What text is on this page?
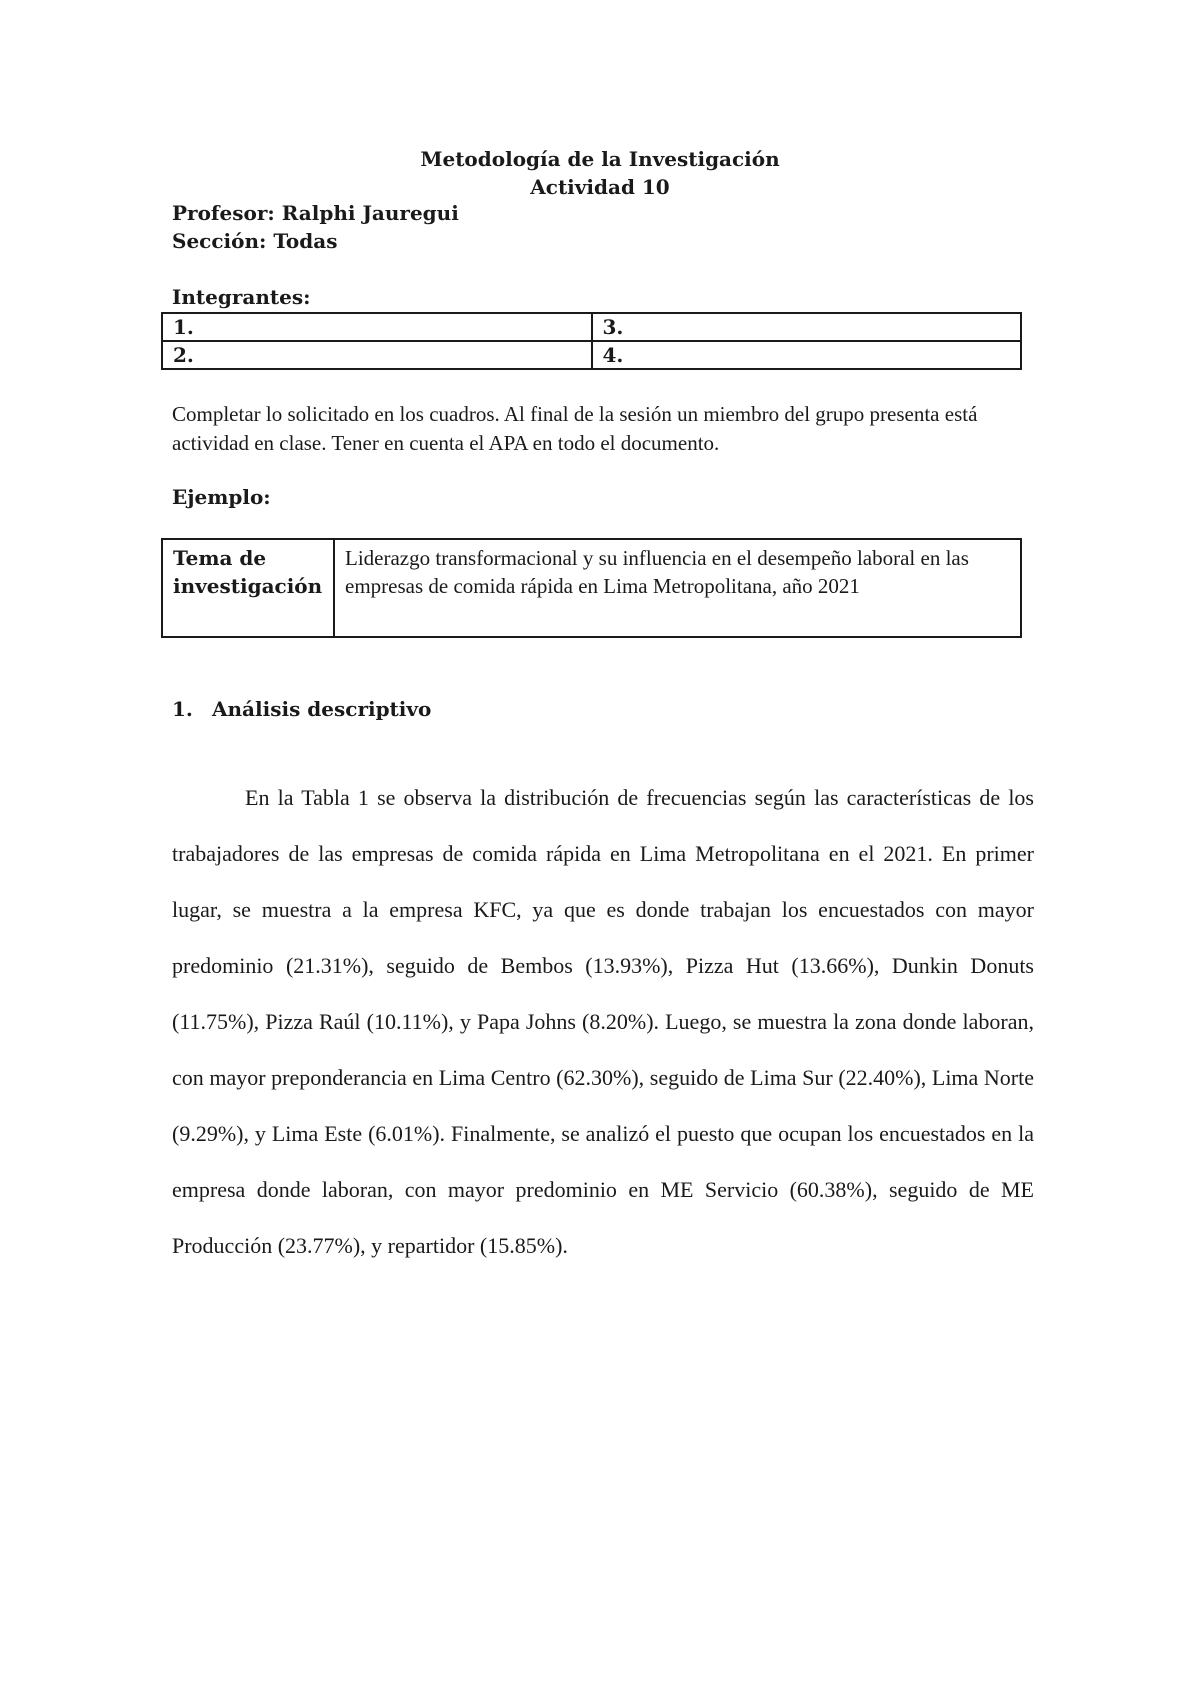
Metodología de la Investigación
Actividad 10
Profesor: Ralphi Jauregui
Sección: Todas
Integrantes:
1.	3.
2.	4.
Completar lo solicitado en los cuadros. Al final de la sesión un miembro del grupo presenta está actividad en clase. Tener en cuenta el APA en todo el documento.
Ejemplo:
Tema de investigación	Liderazgo transformacional y su influencia en el desempeño laboral en las empresas de comida rápida en Lima Metropolitana, año 2021
1. Análisis descriptivo
En la Tabla 1 se observa la distribución de frecuencias según las características de los trabajadores de las empresas de comida rápida en Lima Metropolitana en el 2021. En primer lugar, se muestra a la empresa KFC, ya que es donde trabajan los encuestados con mayor predominio (21.31%), seguido de Bembos (13.93%), Pizza Hut (13.66%), Dunkin Donuts (11.75%), Pizza Raúl (10.11%), y Papa Johns (8.20%). Luego, se muestra la zona donde laboran, con mayor preponderancia en Lima Centro (62.30%), seguido de Lima Sur (22.40%), Lima Norte (9.29%), y Lima Este (6.01%). Finalmente, se analizó el puesto que ocupan los encuestados en la empresa donde laboran, con mayor predominio en ME Servicio (60.38%), seguido de ME Producción (23.77%), y repartidor (15.85%).
